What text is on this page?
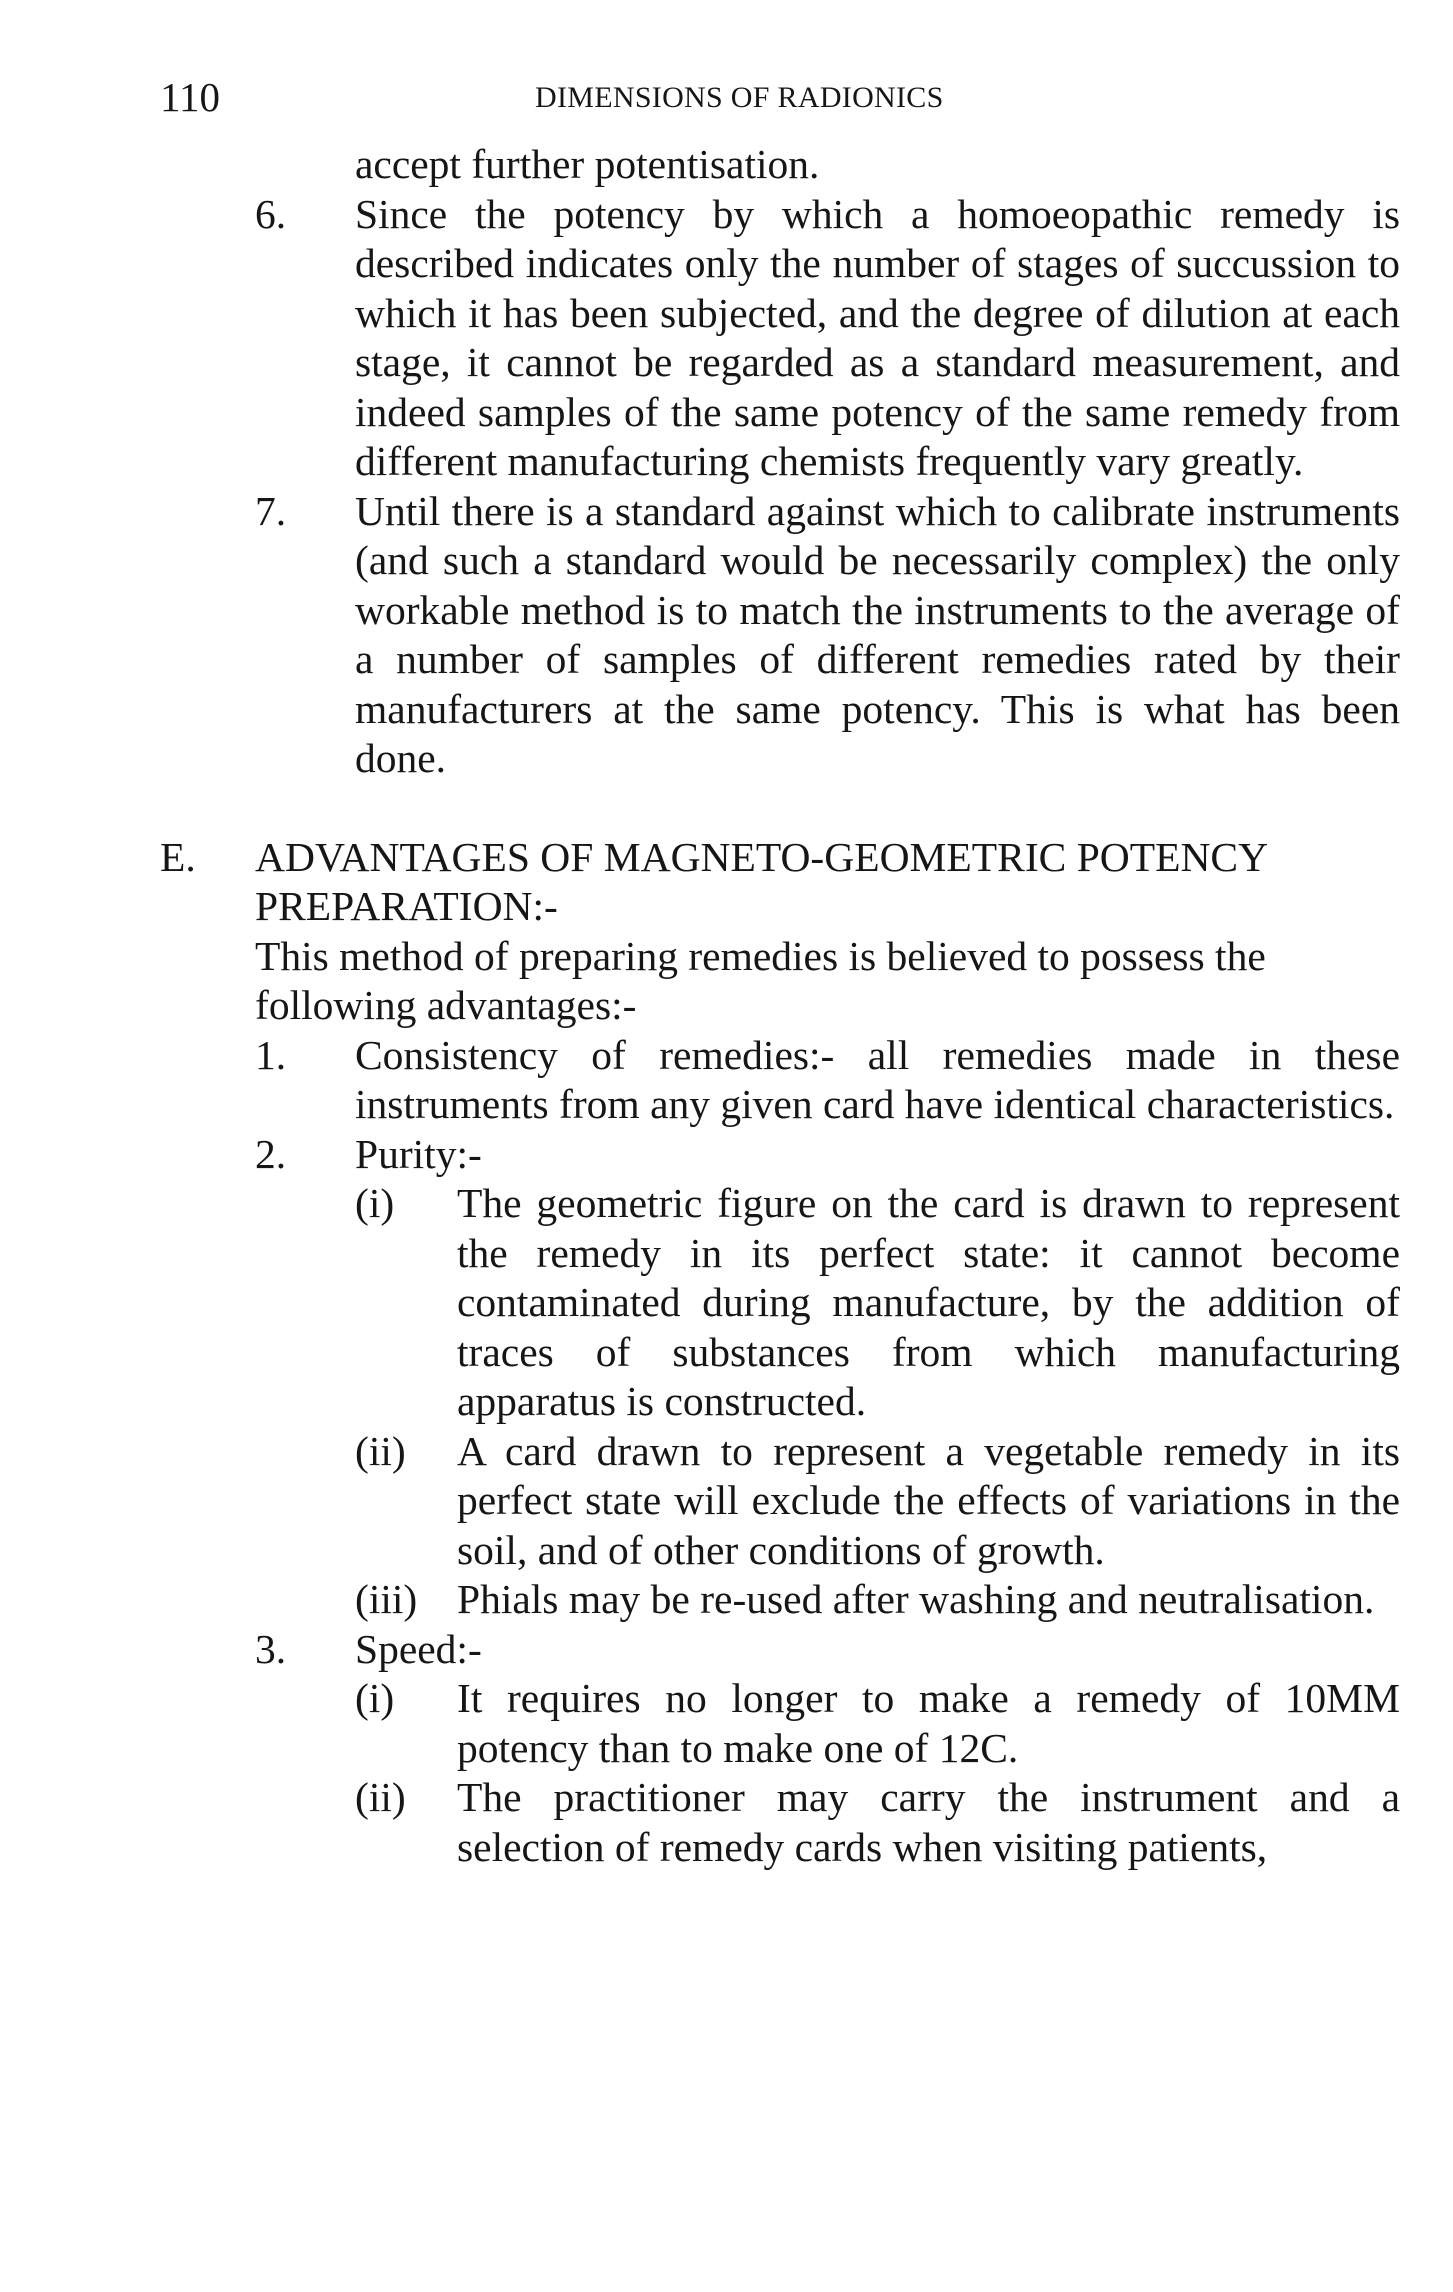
110	DIMENSIONS OF RADIONICS
accept further potentisation.
6.	Since the potency by which a homoeopathic remedy is described indicates only the number of stages of succussion to which it has been subjected, and the degree of dilution at each stage, it cannot be regarded as a standard measurement, and indeed samples of the same potency of the same remedy from different manufacturing chemists frequently vary greatly.
7.	Until there is a standard against which to calibrate instruments (and such a standard would be necessarily complex) the only workable method is to match the instruments to the average of a number of samples of different remedies rated by their manufacturers at the same potency. This is what has been done.
E.	ADVANTAGES OF MAGNETO-GEOMETRIC POTENCY PREPARATION:-
This method of preparing remedies is believed to possess the following advantages:-
1.	Consistency of remedies:- all remedies made in these instruments from any given card have identical characteristics.
2.	Purity:-
(i)	The geometric figure on the card is drawn to represent the remedy in its perfect state: it cannot become contaminated during manufacture, by the addition of traces of substances from which manufacturing apparatus is constructed.
(ii)	A card drawn to represent a vegetable remedy in its perfect state will exclude the effects of variations in the soil, and of other conditions of growth.
(iii) Phials may be re-used after washing and neutralisation.
3.	Speed:-
(i)	It requires no longer to make a remedy of 10MM potency than to make one of 12C.
(ii)	The practitioner may carry the instrument and a selection of remedy cards when visiting patients,
